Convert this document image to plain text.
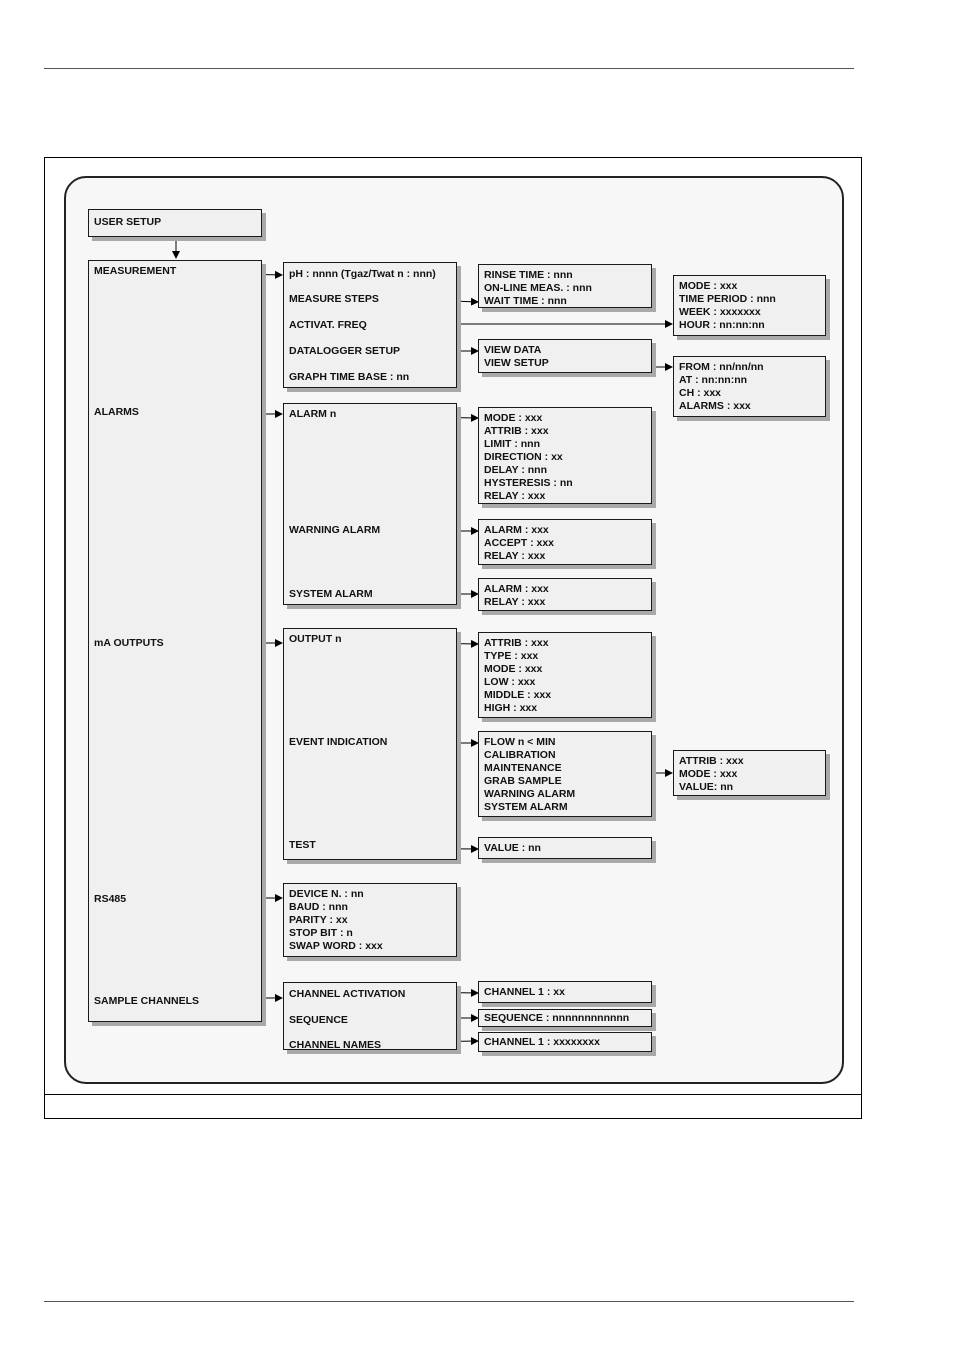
USER SETUP
MEASUREMENT
ALARMS
mA OUTPUTS
RS485
SAMPLE CHANNELS
pH : nnnn (Tgaz/Twat n : nnn)
MEASURE STEPS
ACTIVAT. FREQ
DATALOGGER SETUP
GRAPH TIME BASE : nn
RINSE TIME : nnn
ON-LINE MEAS. : nnn
WAIT TIME : nnn
MODE : xxx
TIME PERIOD : nnn
WEEK : xxxxxxx
HOUR : nn:nn:nn
VIEW DATA
VIEW SETUP	FROM : nn/nn/nn
AT : nn:nn:nn
CH : xxx
ALARMS : xxx
ALARM n
WARNING ALARM
SYSTEM ALARM
MODE : xxx
ATTRIB : xxx
LIMIT : nnn
DIRECTION : xx
DELAY : nnn
HYSTERESIS : nn
RELAY : xxx
ALARM : xxx
ACCEPT : xxx
RELAY : xxx
ALARM : xxx
RELAY : xxx
OUTPUT n
EVENT INDICATION
TEST
ATTRIB : xxx
TYPE : xxx
MODE : xxx
LOW : xxx
MIDDLE : xxx
HIGH : xxx
FLOW n < MIN
CALIBRATION
MAINTENANCE
GRAB SAMPLE
WARNING ALARM
SYSTEM ALARM
ATTRIB : xxx
MODE : xxx
VALUE: nn
VALUE : nn
DEVICE N. : nn
BAUD : nnn
PARITY : xx
STOP BIT : n
SWAP WORD : xxx
CHANNEL ACTIVATION
SEQUENCE
CHANNEL NAMES
CHANNEL 1 : xx
SEQUENCE : nnnnnnnnnnnn
CHANNEL 1 : xxxxxxxx
